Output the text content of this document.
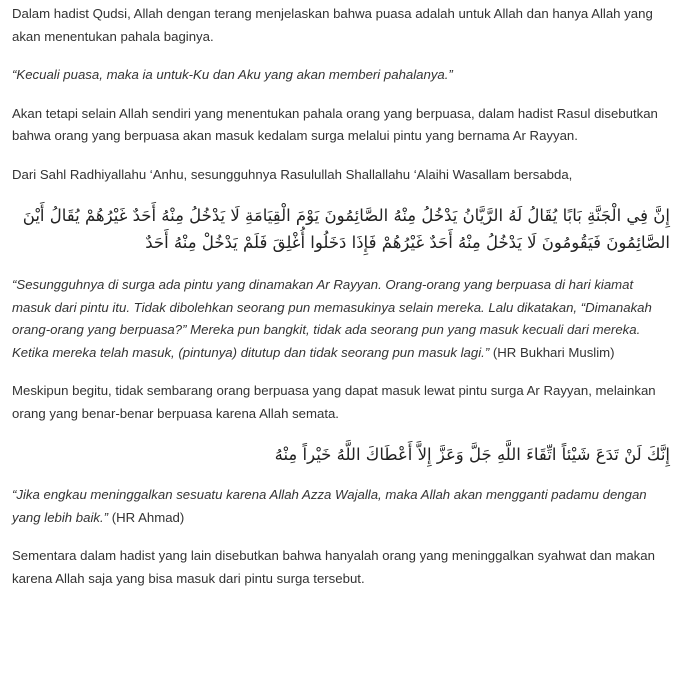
Dalam hadist Qudsi, Allah dengan terang menjelaskan bahwa puasa adalah untuk Allah dan hanya Allah yang akan menentukan pahala baginya.

“Kecuali puasa, maka ia untuk-Ku dan Aku yang akan memberi pahalanya.”

Akan tetapi selain Allah sendiri yang menentukan pahala orang yang berpuasa, dalam hadist Rasul disebutkan bahwa orang yang berpuasa akan masuk kedalam surga melalui pintu yang bernama Ar Rayyan.

Dari Sahl Radhiyallahu ‘Anhu, sesungguhnya Rasulullah Shallallahu ‘Alaihi Wasallam bersabda,

إِنَّ فِي الْجَنَّةِ بَابًا يُقَالُ لَهُ الرَّيَّانُ يَدْخُلُ مِنْهُ الصَّائِمُونَ يَوْمَ الْقِيَامَةِ لَا يَدْخُلُ مِنْهُ أَحَدٌ غَيْرُهُمْ يُقَالُ أَيْنَ الصَّائِمُونَ فَيَقُومُونَ لَا يَدْخُلُ مِنْهُ أَحَدٌ غَيْرُهُمْ فَإِذَا دَخَلُوا أُغْلِقَ فَلَمْ يَدْخُلْ مِنْهُ أَحَدٌ

“Sesungguhnya di surga ada pintu yang dinamakan Ar Rayyan. Orang-orang yang berpuasa di hari kiamat masuk dari pintu itu. Tidak dibolehkan seorang pun memasukinya selain mereka. Lalu dikatakan, “Dimanakah orang-orang yang berpuasa?” Mereka pun bangkit, tidak ada seorang pun yang masuk kecuali dari mereka. Ketika mereka telah masuk, (pintunya) ditutup dan tidak seorang pun masuk lagi.” (HR Bukhari Muslim)

Meskipun begitu, tidak sembarang orang berpuasa yang dapat masuk lewat pintu surga Ar Rayyan, melainkan orang yang benar-benar berpuasa karena Allah semata.

إِنَّكَ لَنْ تَدَعَ شَيْئاً اتِّقَاءَ اللَّهِ جَلَّ وَعَزَّ إِلاَّ أَعْطَاكَ اللَّهُ خَيْراً مِنْهُ

“Jika engkau meninggalkan sesuatu karena Allah Azza Wajalla, maka Allah akan mengganti padamu dengan yang lebih baik.” (HR Ahmad)

Sementara dalam hadist yang lain disebutkan bahwa hanyalah orang yang meninggalkan syahwat dan makan karena Allah saja yang bisa masuk dari pintu surga tersebut.
